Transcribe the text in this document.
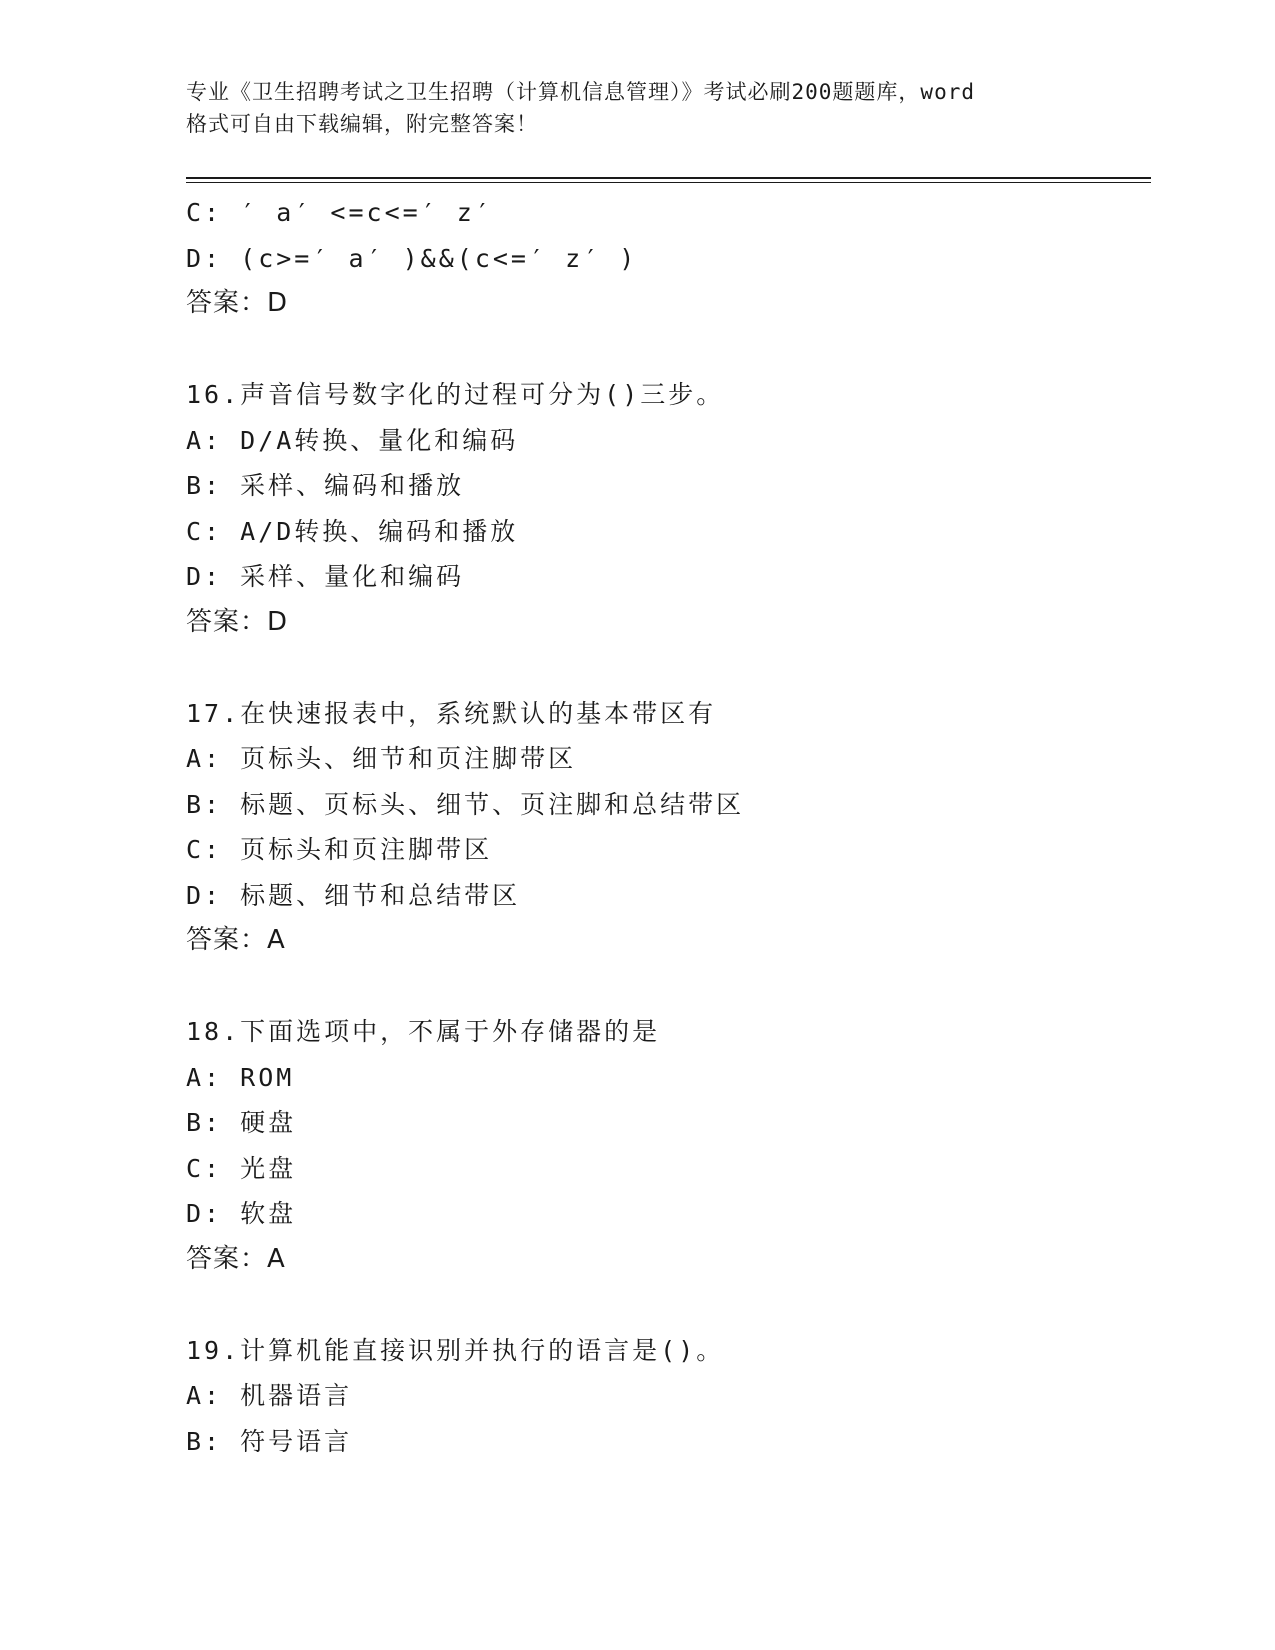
专业《卫生招聘考试之卫生招聘（计算机信息管理）》考试必刷200题题库，word
格式可自由下载编辑，附完整答案！

C: ′ a′ <=c<=′ z′

D: (c>=′ a′ )&&(c<=′ z′ )

答案：D

16.声音信号数字化的过程可分为()三步。

A: D/A转换、量化和编码

B: 采样、编码和播放

C: A/D转换、编码和播放

D: 采样、量化和编码

答案：D

17.在快速报表中，系统默认的基本带区有

A: 页标头、细节和页注脚带区

B: 标题、页标头、细节、页注脚和总结带区

C: 页标头和页注脚带区

D: 标题、细节和总结带区

答案：A

18.下面选项中，不属于外存储器的是

A: ROM

B: 硬盘

C: 光盘

D: 软盘

答案：A

19.计算机能直接识别并执行的语言是()。

A: 机器语言

B: 符号语言
